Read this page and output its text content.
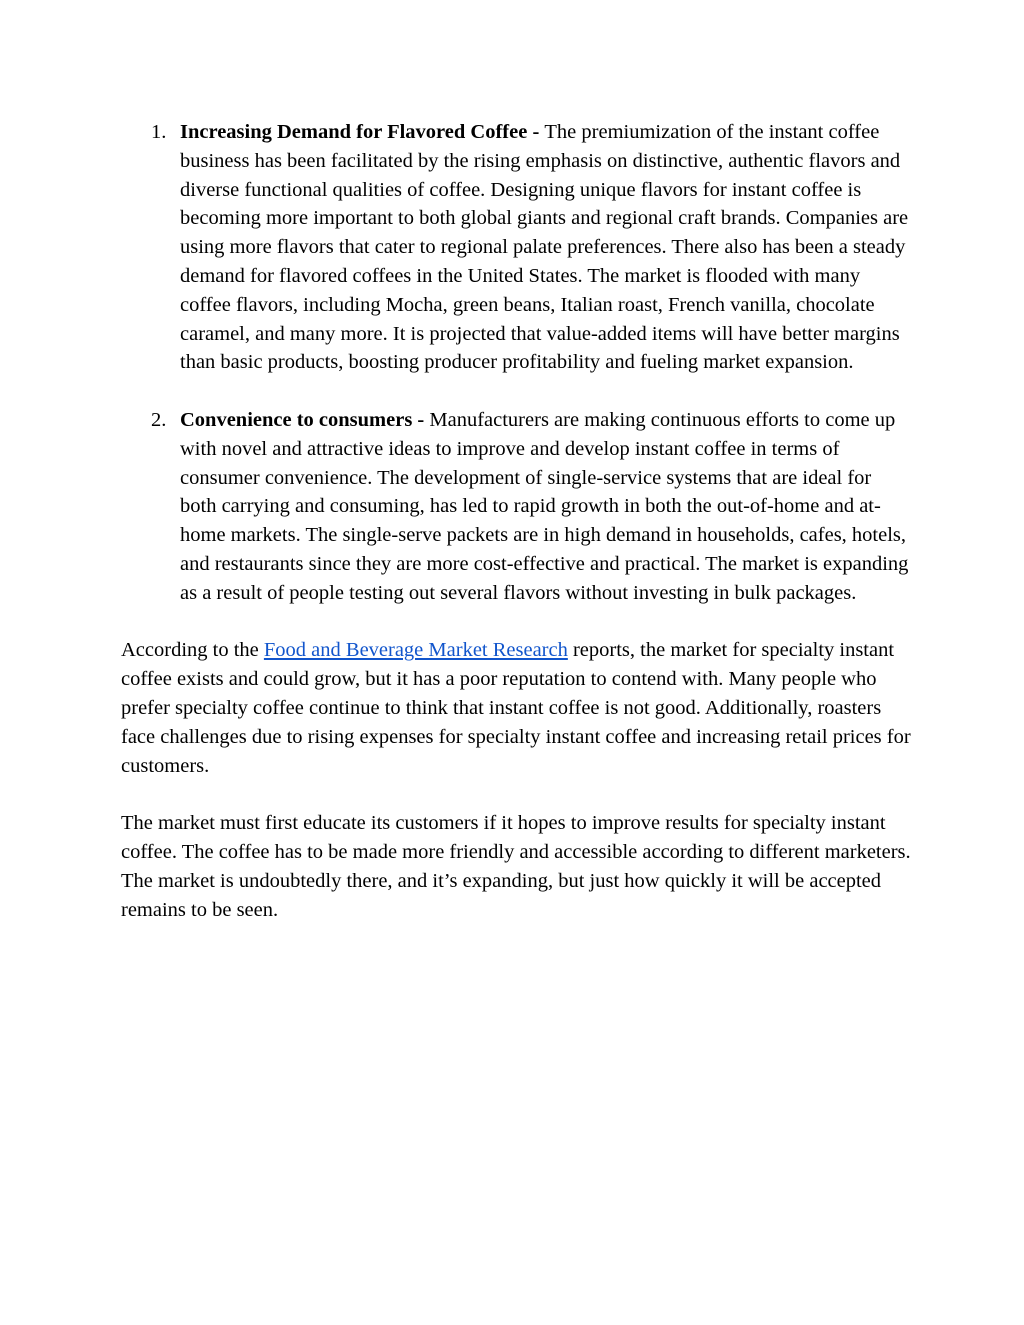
1. Increasing Demand for Flavored Coffee - The premiumization of the instant coffee business has been facilitated by the rising emphasis on distinctive, authentic flavors and diverse functional qualities of coffee. Designing unique flavors for instant coffee is becoming more important to both global giants and regional craft brands. Companies are using more flavors that cater to regional palate preferences. There also has been a steady demand for flavored coffees in the United States. The market is flooded with many coffee flavors, including Mocha, green beans, Italian roast, French vanilla, chocolate caramel, and many more. It is projected that value-added items will have better margins than basic products, boosting producer profitability and fueling market expansion.
2. Convenience to consumers - Manufacturers are making continuous efforts to come up with novel and attractive ideas to improve and develop instant coffee in terms of consumer convenience. The development of single-service systems that are ideal for both carrying and consuming, has led to rapid growth in both the out-of-home and at-home markets. The single-serve packets are in high demand in households, cafes, hotels, and restaurants since they are more cost-effective and practical. The market is expanding as a result of people testing out several flavors without investing in bulk packages.

According to the Food and Beverage Market Research reports, the market for specialty instant coffee exists and could grow, but it has a poor reputation to contend with. Many people who prefer specialty coffee continue to think that instant coffee is not good. Additionally, roasters face challenges due to rising expenses for specialty instant coffee and increasing retail prices for customers.

The market must first educate its customers if it hopes to improve results for specialty instant coffee. The coffee has to be made more friendly and accessible according to different marketers. The market is undoubtedly there, and it’s expanding, but just how quickly it will be accepted remains to be seen.
